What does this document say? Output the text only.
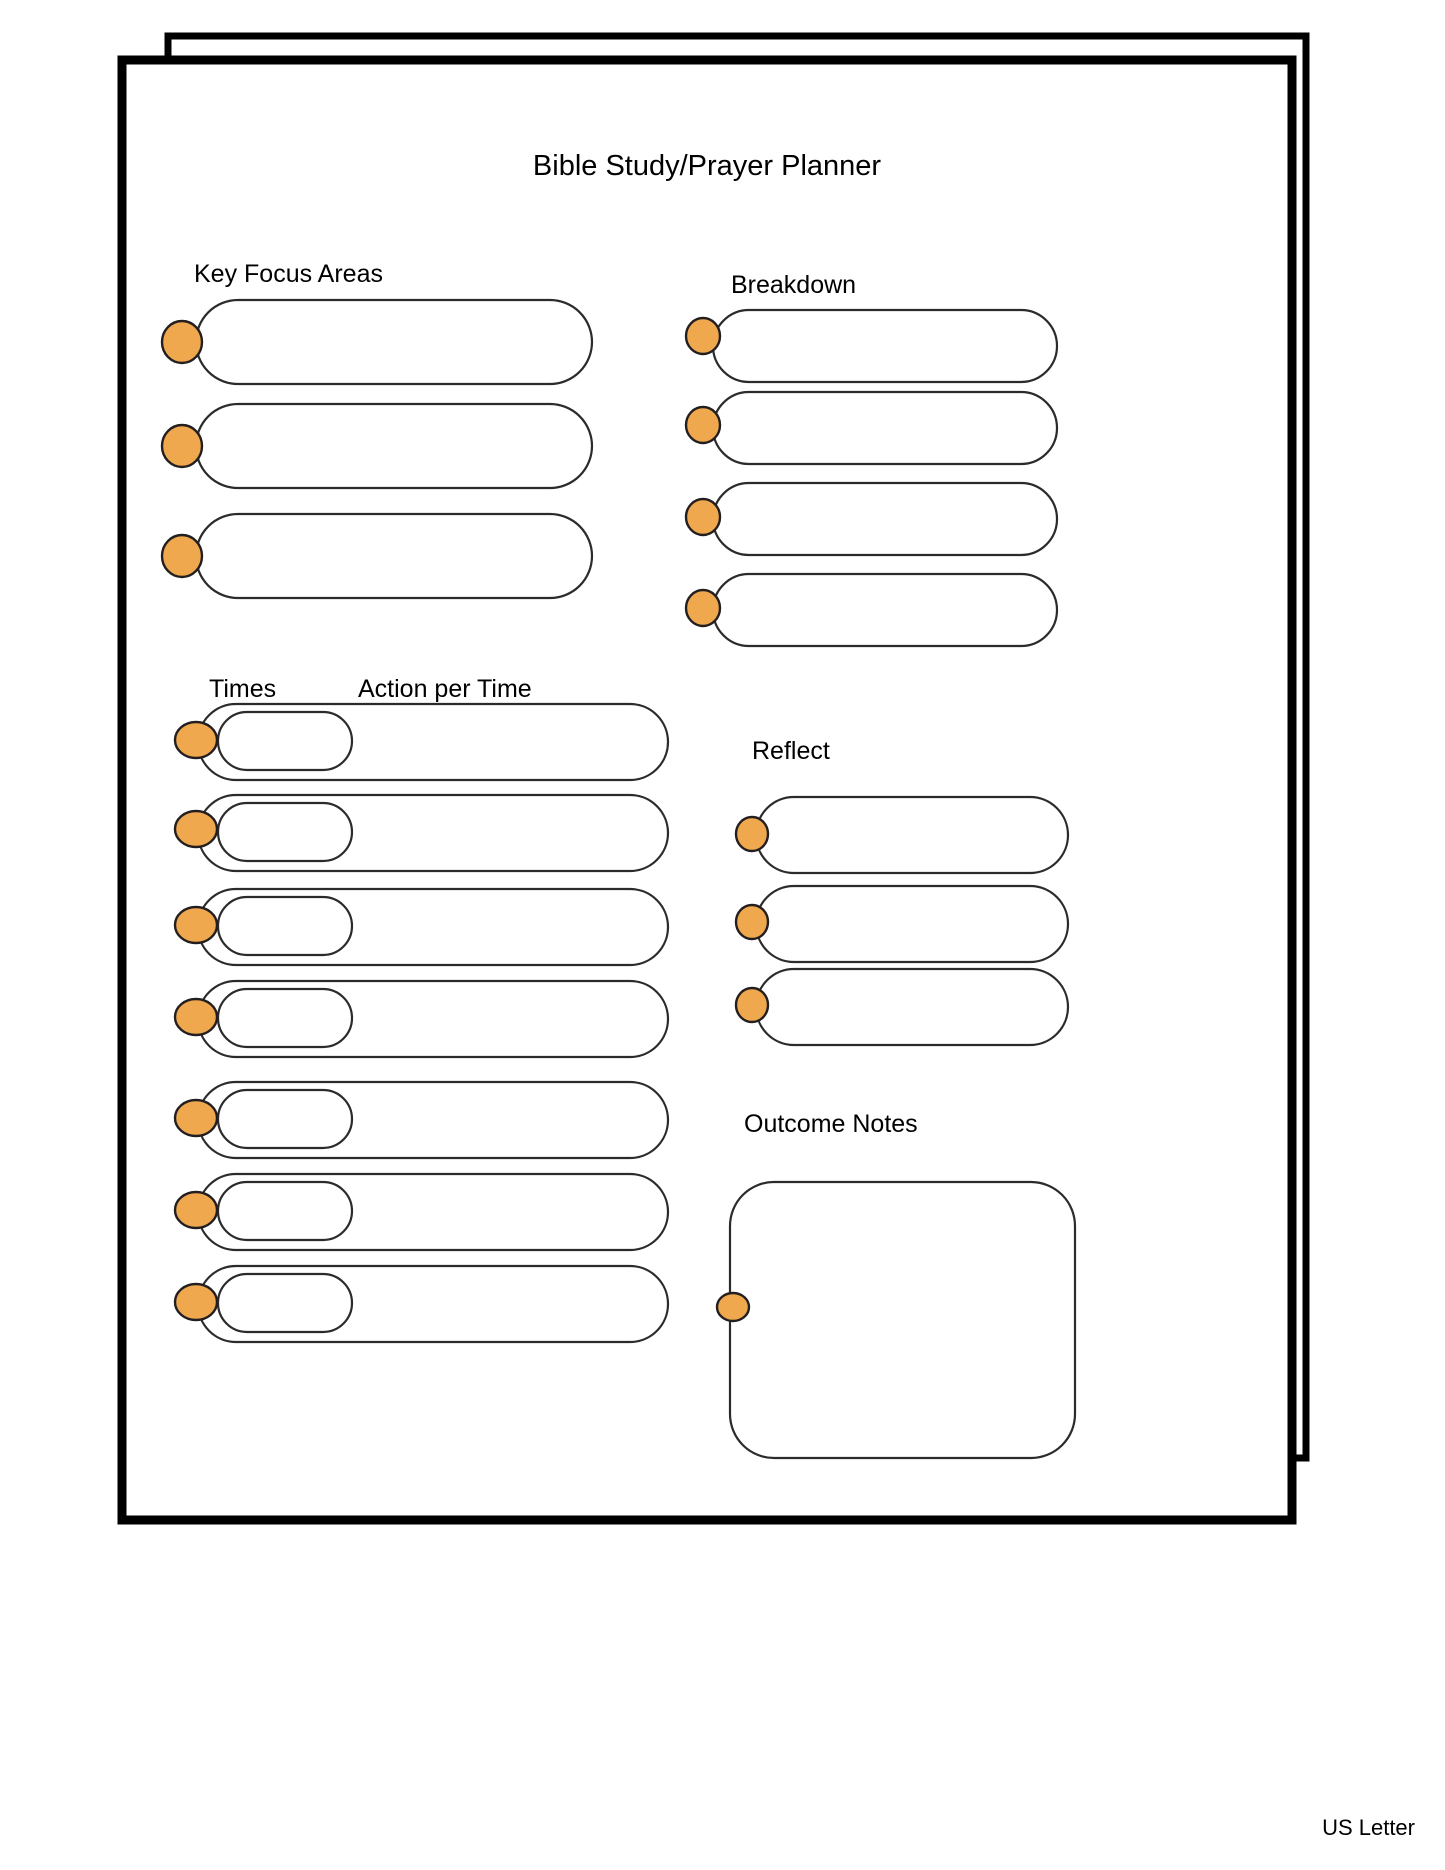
Bible Study/Prayer Planner
Key Focus Areas	Breakdown
Times	Action per Time
Reflect
Outcome Notes
US Letter
